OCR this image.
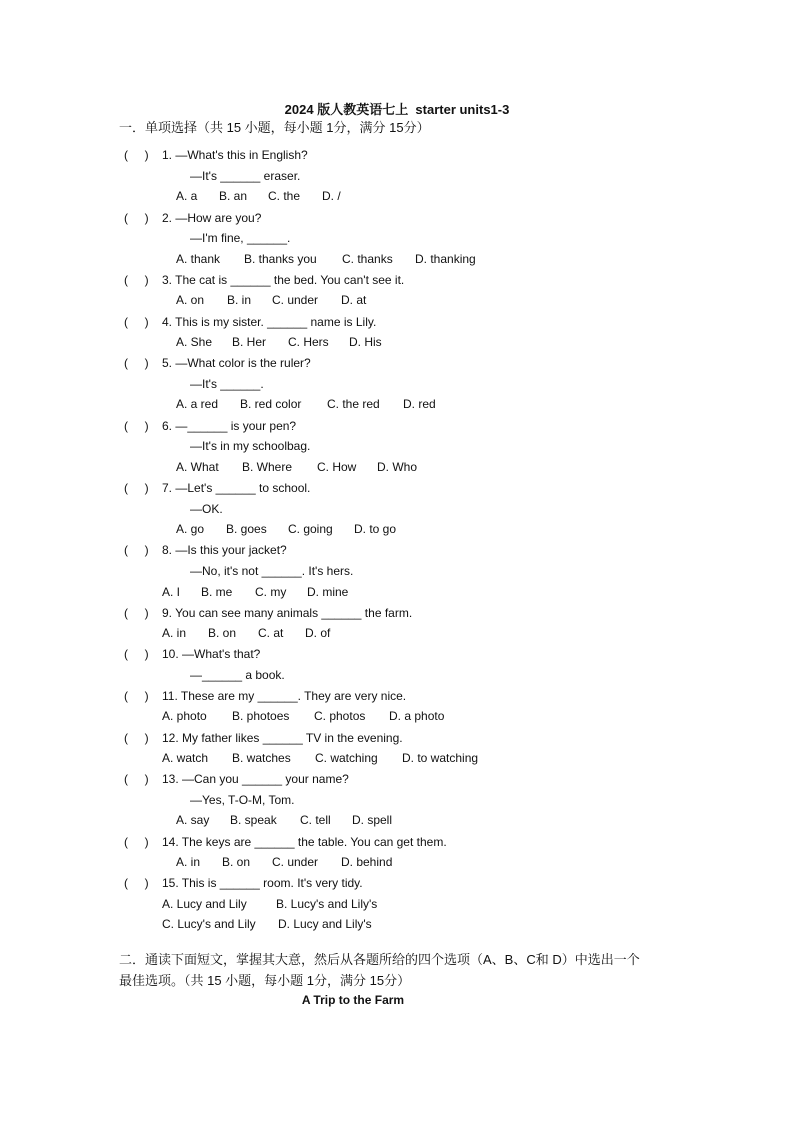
2024 版人教英语七上  starter units1-3
一．单项选择（共 15 小题，每小题 1分，满分 15分）
(     ) 1. —What's this in English?
—It's ______ eraser.
A. a B. an C. the D. /
(     ) 2. —How are you?
—I'm fine, ______.
A. thank B. thanks you C. thanks D. thanking
(     ) 3. The cat is ______ the bed. You can't see it.
A. on B. in C. under D. at
(     ) 4. This is my sister. ______ name is Lily.
A. She B. Her C. Hers D. His
(     ) 5. —What color is the ruler?
—It's ______.
A. a red B. red color C. the red D. red
(     ) 6. —______ is your pen?
—It's in my schoolbag.
A. What B. Where C. How D. Who
(     ) 7. —Let's ______ to school.
—OK.
A. go B. goes C. going D. to go
(     ) 8. —Is this your jacket?
—No, it's not ______. It's hers.
A. I B. me C. my D. mine
(     ) 9. You can see many animals ______ the farm.
A. in B. on C. at D. of
(     ) 10. —What's that?
—______ a book.
(     ) 11. These are my ______. They are very nice.
A. photo B. photoes C. photos D. a photo
(     ) 12. My father likes ______ TV in the evening.
A. watch B. watches C. watching D. to watching
(     ) 13. —Can you ______ your name?
—Yes, T-O-M, Tom.
A. say B. speak C. tell D. spell
(     ) 14. The keys are ______ the table. You can get them.
A. in B. on C. under D. behind
(     ) 15. This is ______ room. It's very tidy.
A. Lucy and Lily B. Lucy's and Lily's
C. Lucy's and Lily D. Lucy and Lily's
二．通读下面短文，掌握其大意，然后从各题所给的四个选项（A、B、C和 D）中选出一个
最佳选项。（共 15 小题，每小题 1分，满分 15分）
A Trip to the Farm
